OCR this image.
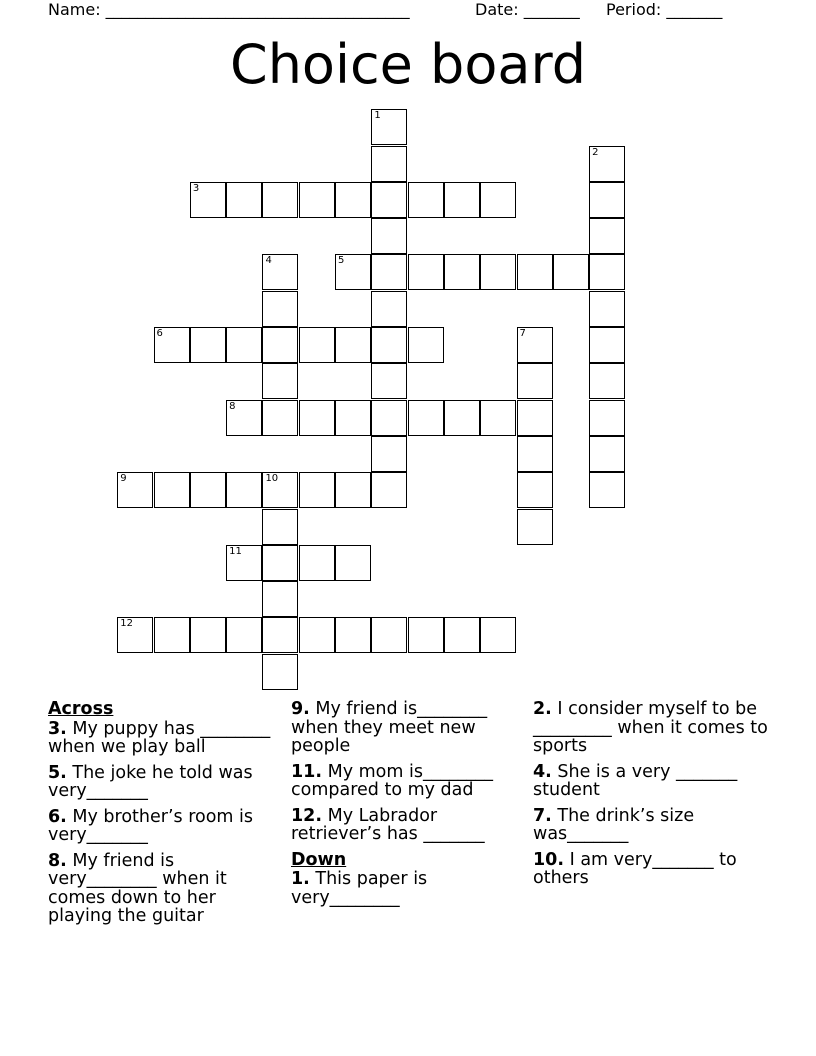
Name: ______________________________________	Date: _______ Period: _______
Choice board
1
2
3
4	5
6	7
8
9	10
11
12
Across
3. My puppy has ________ when we play ball
5. The joke he told was very_______
6. My brother’s room is very_______
8. My friend is very________ when it comes down to her playing the guitar
9. My friend is________ when they meet new people
11. My mom is________ compared to my dad
12. My Labrador retriever’s has _______
Down
1. This paper is very________
2. I consider myself to be _________ when it comes to sports
4. She is a very _______ student
7. The drink’s size was_______
10. I am very_______ to others
